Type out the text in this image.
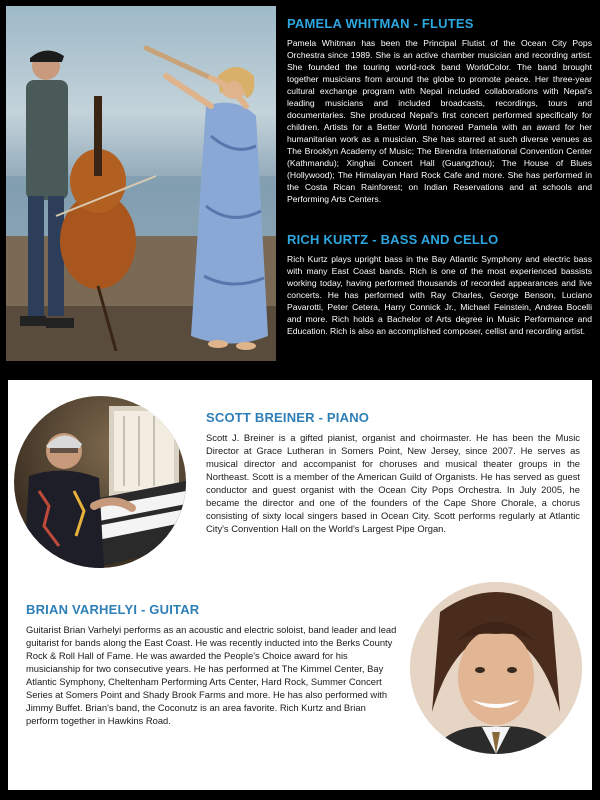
PAMELA WHITMAN - FLUTES

Pamela Whitman has been the Principal Flutist of the Ocean City Pops Orchestra since 1989. She is an active chamber musician and recording artist. She founded the touring world-rock band WorldColor. The band brought together musicians from around the globe to promote peace. Her three-year cultural exchange program with Nepal included collaborations with Nepal's leading musicians and included broadcasts, recordings, tours and documentaries. She produced Nepal's first concert performed specifically for children. Artists for a Better World honored Pamela with an award for her humanitarian work as a musician. She has starred at such diverse venues as The Brooklyn Academy of Music; The Birendra International Convention Center (Kathmandu); Xinghai Concert Hall (Guangzhou); The House of Blues (Hollywood); The Himalayan Hard Rock Cafe and more. She has performed in the Costa Rican Rainforest; on Indian Reservations and at schools and Performing Arts Centers.

RICH KURTZ - BASS AND CELLO

Rich Kurtz plays upright bass in the Bay Atlantic Symphony and electric bass with many East Coast bands. Rich is one of the most experienced bassists working today, having performed thousands of recorded appearances and live concerts. He has performed with Ray Charles, George Benson, Luciano Pavarotti, Peter Cetera, Harry Connick Jr., Michael Feinstein, Andrea Bocelli and more. Rich holds a Bachelor of Arts degree in Music Performance and Education. Rich is also an accomplished composer, cellist and recording artist.

SCOTT BREINER - PIANO

Scott J. Breiner is a gifted pianist, organist and choirmaster. He has been the Music Director at Grace Lutheran in Somers Point, New Jersey, since 2007. He serves as musical director and accompanist for choruses and musical theater groups in the Northeast. Scott is a member of the American Guild of Organists. He has served as guest conductor and guest organist with the Ocean City Pops Orchestra. In July 2005, he became the director and one of the founders of the Cape Shore Chorale, a chorus consisting of sixty local singers based in Ocean City. Scott performs regularly at Atlantic City's Convention Hall on the World's Largest Pipe Organ.

BRIAN VARHELYI - GUITAR

Guitarist Brian Varhelyi performs as an acoustic and electric soloist, band leader and lead guitarist for bands along the East Coast. He was recently inducted into the Berks County Rock & Roll Hall of Fame. He was awarded the People's Choice award for his musicianship for two consecutive years. He has performed at The Kimmel Center, Bay Atlantic Symphony, Cheltenham Performing Arts Center, Hard Rock, Summer Concert Series at Somers Point and Shady Brook Farms and more. He has also performed with Jimmy Buffet. Brian's band, the Coconutz is an area favorite. Rich Kurtz and Brian perform together in Hawkins Road.
